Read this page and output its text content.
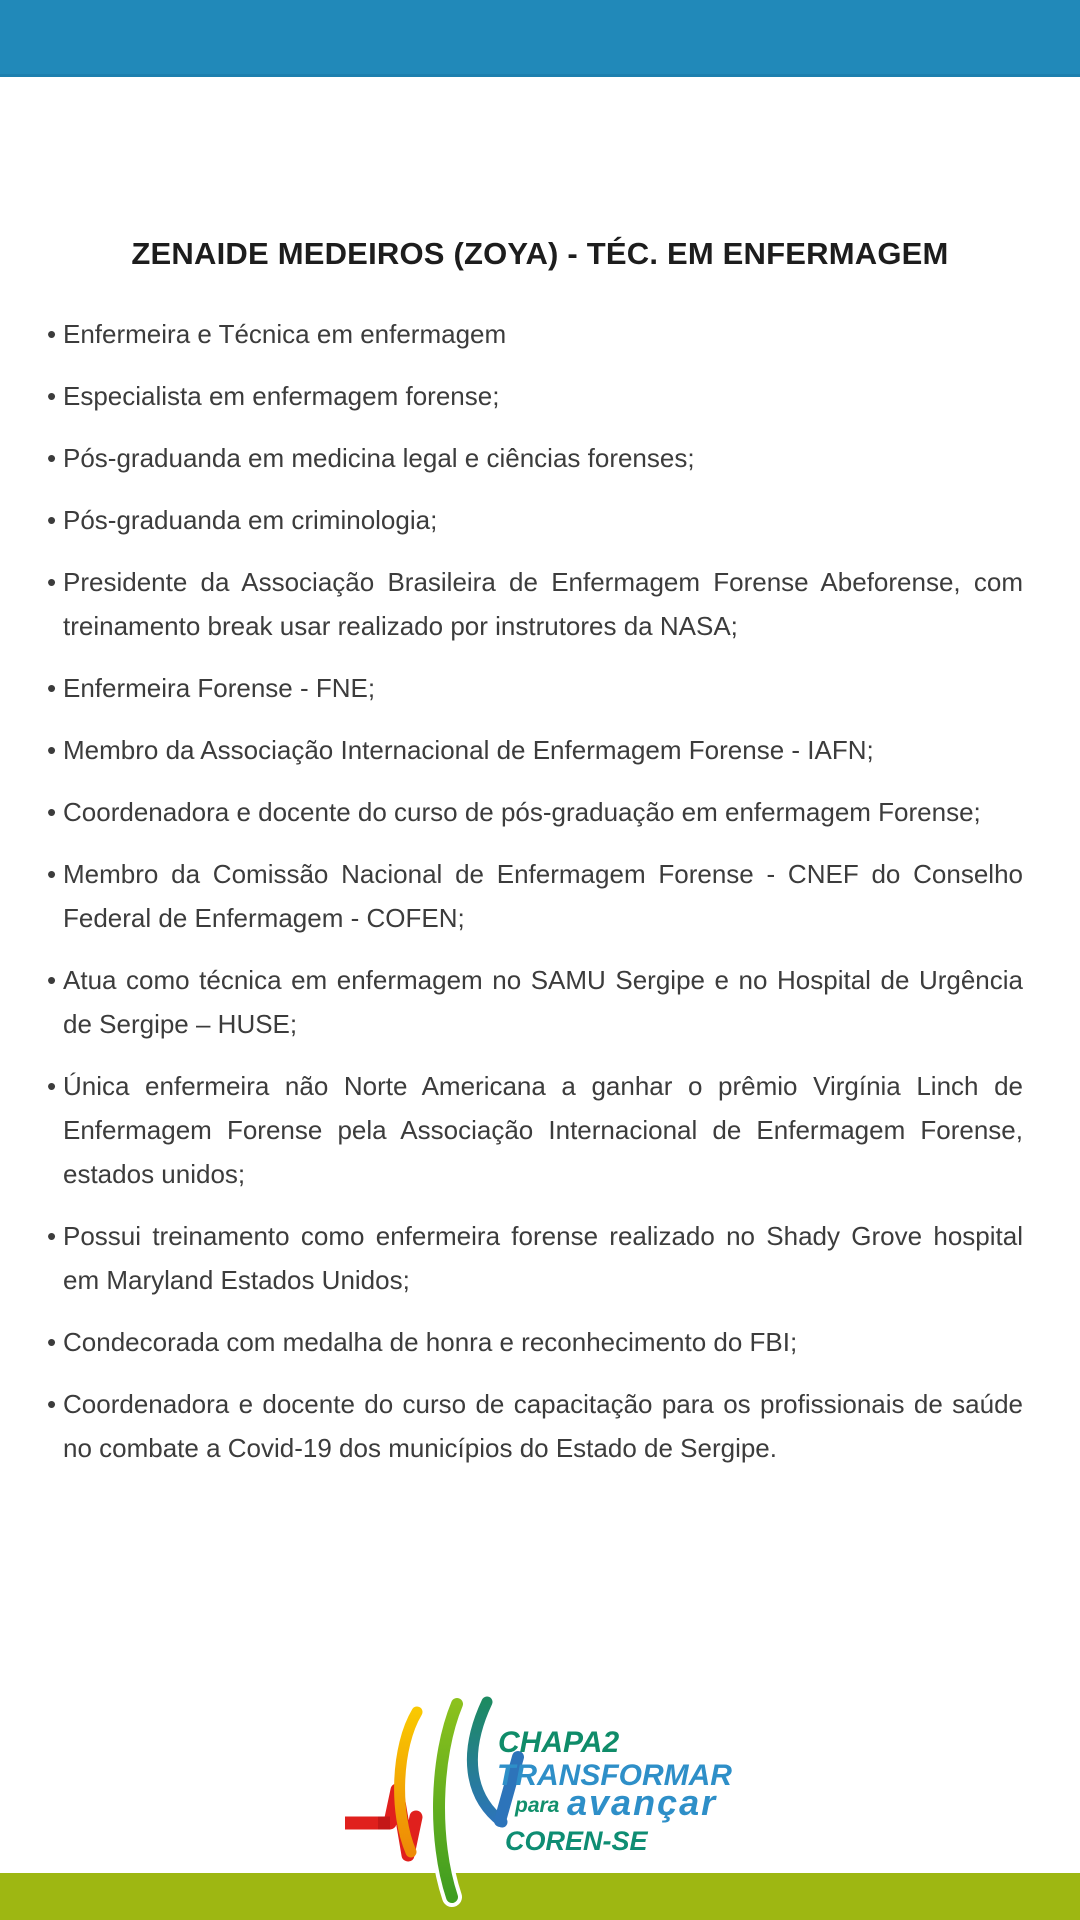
ZENAIDE MEDEIROS (ZOYA) - TÉC. EM ENFERMAGEM
• Enfermeira e Técnica em enfermagem
• Especialista em enfermagem forense;
• Pós-graduanda em medicina legal e ciências forenses;
• Pós-graduanda em criminologia;
• Presidente da Associação Brasileira de Enfermagem Forense Abeforense, com
treinamento break usar realizado por instrutores da NASA;
• Enfermeira Forense - FNE;
• Membro da Associação Internacional de Enfermagem Forense - IAFN;
• Coordenadora e docente do curso de pós-graduação em enfermagem Forense;
• Membro da Comissão Nacional de Enfermagem Forense - CNEF do Conselho
Federal de Enfermagem - COFEN;
• Atua como técnica em enfermagem no SAMU Sergipe e no Hospital de Urgência
de Sergipe – HUSE;
• Única enfermeira não Norte Americana a ganhar o prêmio Virgínia Linch de
Enfermagem Forense pela Associação Internacional de Enfermagem Forense,
estados unidos;
• Possui treinamento como enfermeira forense realizado no Shady Grove hospital
em Maryland Estados Unidos;
• Condecorada com medalha de honra e reconhecimento do FBI;
• Coordenadora e docente do curso de capacitação para os profissionais de saúde
no combate a Covid-19 dos municípios do Estado de Sergipe.
CHAPA2
TRANSFORMAR
para avançar
COREN-SE
